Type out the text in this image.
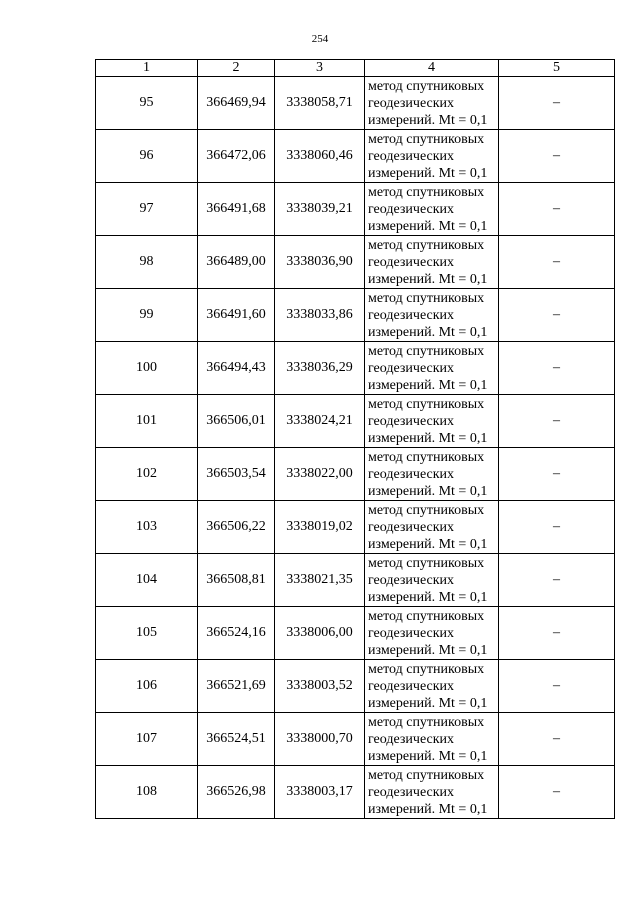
254
1	2	3	4	5
95	366469,94	3338058,71	метод спутниковых
геодезических
измерений. Mt = 0,1	–
96	366472,06	3338060,46	метод спутниковых
геодезических
измерений. Mt = 0,1	–
97	366491,68	3338039,21	метод спутниковых
геодезических
измерений. Mt = 0,1	–
98	366489,00	3338036,90	метод спутниковых
геодезических
измерений. Mt = 0,1	–
99	366491,60	3338033,86	метод спутниковых
геодезических
измерений. Mt = 0,1	–
100	366494,43	3338036,29	метод спутниковых
геодезических
измерений. Mt = 0,1	–
101	366506,01	3338024,21	метод спутниковых
геодезических
измерений. Mt = 0,1	–
102	366503,54	3338022,00	метод спутниковых
геодезических
измерений. Mt = 0,1	–
103	366506,22	3338019,02	метод спутниковых
геодезических
измерений. Mt = 0,1	–
104	366508,81	3338021,35	метод спутниковых
геодезических
измерений. Mt = 0,1	–
105	366524,16	3338006,00	метод спутниковых
геодезических
измерений. Mt = 0,1	–
106	366521,69	3338003,52	метод спутниковых
геодезических
измерений. Mt = 0,1	–
107	366524,51	3338000,70	метод спутниковых
геодезических
измерений. Mt = 0,1	–
108	366526,98	3338003,17	метод спутниковых
геодезических
измерений. Mt = 0,1	–
